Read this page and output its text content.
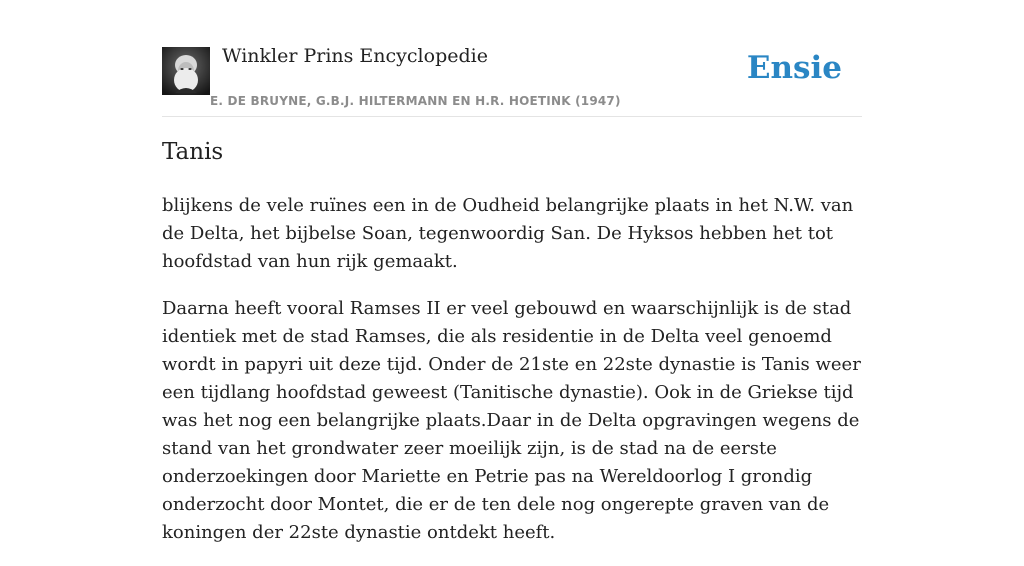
Winkler Prins Encyclopedie
E. DE BRUYNE, G.B.J. HILTERMANN EN H.R. HOETINK (1947)
Ensie
Tanis

blijkens de vele ruïnes een in de Oudheid belangrijke plaats in het N.W. van de Delta, het bijbelse Soan, tegenwoordig San. De Hyksos hebben het tot hoofdstad van hun rijk gemaakt.

Daarna heeft vooral Ramses II er veel gebouwd en waarschijnlijk is de stad identiek met de stad Ramses, die als residentie in de Delta veel genoemd wordt in papyri uit deze tijd. Onder de 21ste en 22ste dynastie is Tanis weer een tijdlang hoofdstad geweest (Tanitische dynastie). Ook in de Griekse tijd was het nog een belangrijke plaats.Daar in de Delta opgravingen wegens de stand van het grondwater zeer moeilijk zijn, is de stad na de eerste onderzoekingen door Mariette en Petrie pas na Wereldoorlog I grondig onderzocht door Montet, die er de ten dele nog ongerepte graven van de koningen der 22ste dynastie ontdekt heeft.
